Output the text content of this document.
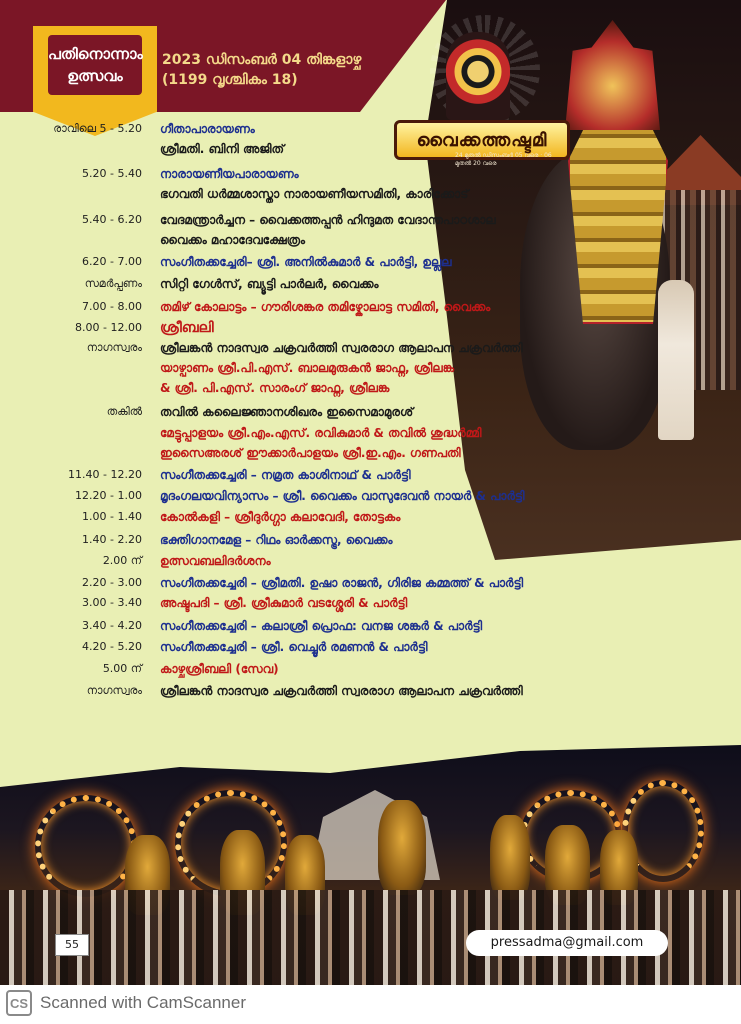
വൈക്കത്തഷ്ടമി
24 മുതൽ ഡിസംബർ 05 വരെ · 06 മുതൽ 20 വരെ
പതിനൊന്നാം
ഉത്സവം
2023 ഡിസംബർ 04 തിങ്കളാഴ്ച
(1199 വൃശ്ചികം 18)
രാവിലെ 5 - 5.20 ഗീതാപാരായണം
ശ്രീമതി. ബിനി അജിത്
5.20 - 5.40 നാരായണീയപാരായണം
ഭഗവതി ധർമ്മശാസ്താ നാരായണീയസമിതി, കാരിക്കോട്
5.40 - 6.20 വേദമന്ത്രാർച്ചന – വൈക്കത്തപ്പൻ ഹിന്ദുമത വേദാന്തപാഠശാല
വൈക്കം മഹാദേവക്ഷേത്രം
6.20 - 7.00 സംഗീതക്കച്ചേരി– ശ്രീ. അനിൽകുമാർ & പാർട്ടി, ഉല്ലല
സമർപ്പണം സിറ്റി ഗേൾസ്, ബ്യൂട്ടി പാർലർ, വൈക്കം
7.00 - 8.00 തമിഴ് കോലാട്ടം – ഗൗരിശങ്കര തമിഴ്കോലാട്ട സമിതി, വൈക്കം
8.00 - 12.00 ശ്രീബലി
നാഗസ്വരം ശ്രീലങ്കൻ നാദസ്വര ചക്രവർത്തി സ്വരരാഗ ആലാപന ചക്രവർത്തി
യാഴ്പാണം ശ്രീ.പി.എസ്. ബാലമുരുകൻ ജാഫ്ന, ശ്രീലങ്ക
& ശ്രീ. പി.എസ്. സാരംഗ് ജാഫ്ന, ശ്രീലങ്ക
തകിൽ തവിൽ കലൈജ്ഞാനശിഖരം ഇസൈമാമുരശ്
മേട്ടുപ്പാളയം ശ്രീ.എം.എസ്. രവികുമാർ & തവിൽ ശുദ്ധർമ്മി
ഇസൈഅരശ് ഈക്കാർപാളയം ശ്രീ.ഇ.എം. ഗണപതി
11.40 - 12.20 സംഗീതക്കച്ചേരി – നമ്രത കാശിനാഥ് & പാർട്ടി
12.20 - 1.00 മൃദംഗലയവിന്യാസം – ശ്രീ. വൈക്കം വാസുദേവൻ നായർ & പാർട്ടി
1.00 - 1.40 കോൽകളി – ശ്രീദുർഗ്ഗാ കലാവേദി, തോട്ടകം
1.40 - 2.20 ഭക്തിഗാനമേള – റിഥം ഓർക്കസ്ട്ര, വൈക്കം
2.00 ന് ഉത്സവബലിദർശനം
2.20 - 3.00 സംഗീതക്കച്ചേരി – ശ്രീമതി. ഉഷാ രാജൻ, ഗിരിജ കമ്മത്ത് & പാർട്ടി
3.00 - 3.40 അഷ്ടപദി – ശ്രീ. ശ്രീകുമാർ വടശ്ശേരി & പാർട്ടി
3.40 - 4.20 സംഗീതക്കച്ചേരി – കലാശ്രീ പ്രൊഫ: വനജ ശങ്കർ & പാർട്ടി
4.20 - 5.20 സംഗീതക്കച്ചേരി – ശ്രീ. വെച്ചൂർ രമണൻ & പാർട്ടി
5.00 ന് കാഴ്ചശ്രീബലി (സേവ)
നാഗസ്വരം ശ്രീലങ്കൻ നാദസ്വര ചക്രവർത്തി സ്വരരാഗ ആലാപന ചക്രവർത്തി
55	pressadma@gmail.com
CS Scanned with CamScanner
